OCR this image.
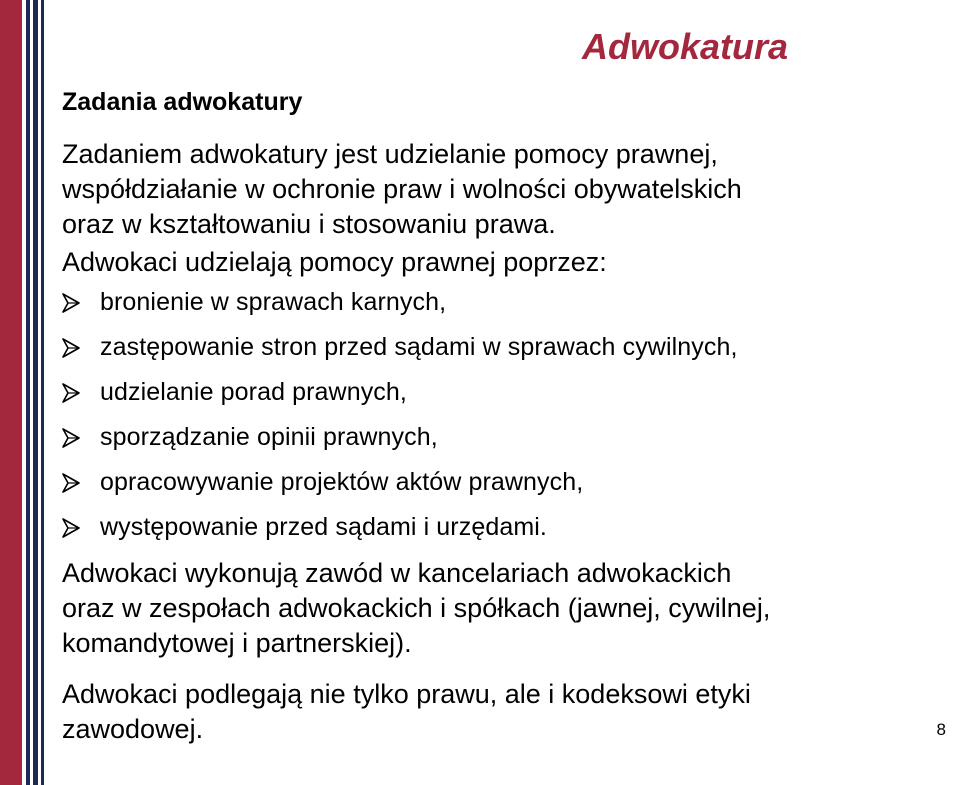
Adwokatura
Zadania adwokatury

Zadaniem adwokatury jest udzielanie pomocy prawnej,
współdziałanie w ochronie praw i wolności obywatelskich
oraz w kształtowaniu i stosowaniu prawa.

Adwokaci udzielają pomocy prawnej poprzez:

bronienie w sprawach karnych,
zastępowanie stron przed sądami w sprawach cywilnych,
udzielanie porad prawnych,
sporządzanie opinii prawnych,
opracowywanie projektów aktów prawnych,
występowanie przed sądami i urzędami.

Adwokaci wykonują zawód w kancelariach adwokackich
oraz w zespołach adwokackich i spółkach (jawnej, cywilnej,
komandytowej i partnerskiej).

Adwokaci podlegają nie tylko prawu, ale i kodeksowi etyki
zawodowej.	8
